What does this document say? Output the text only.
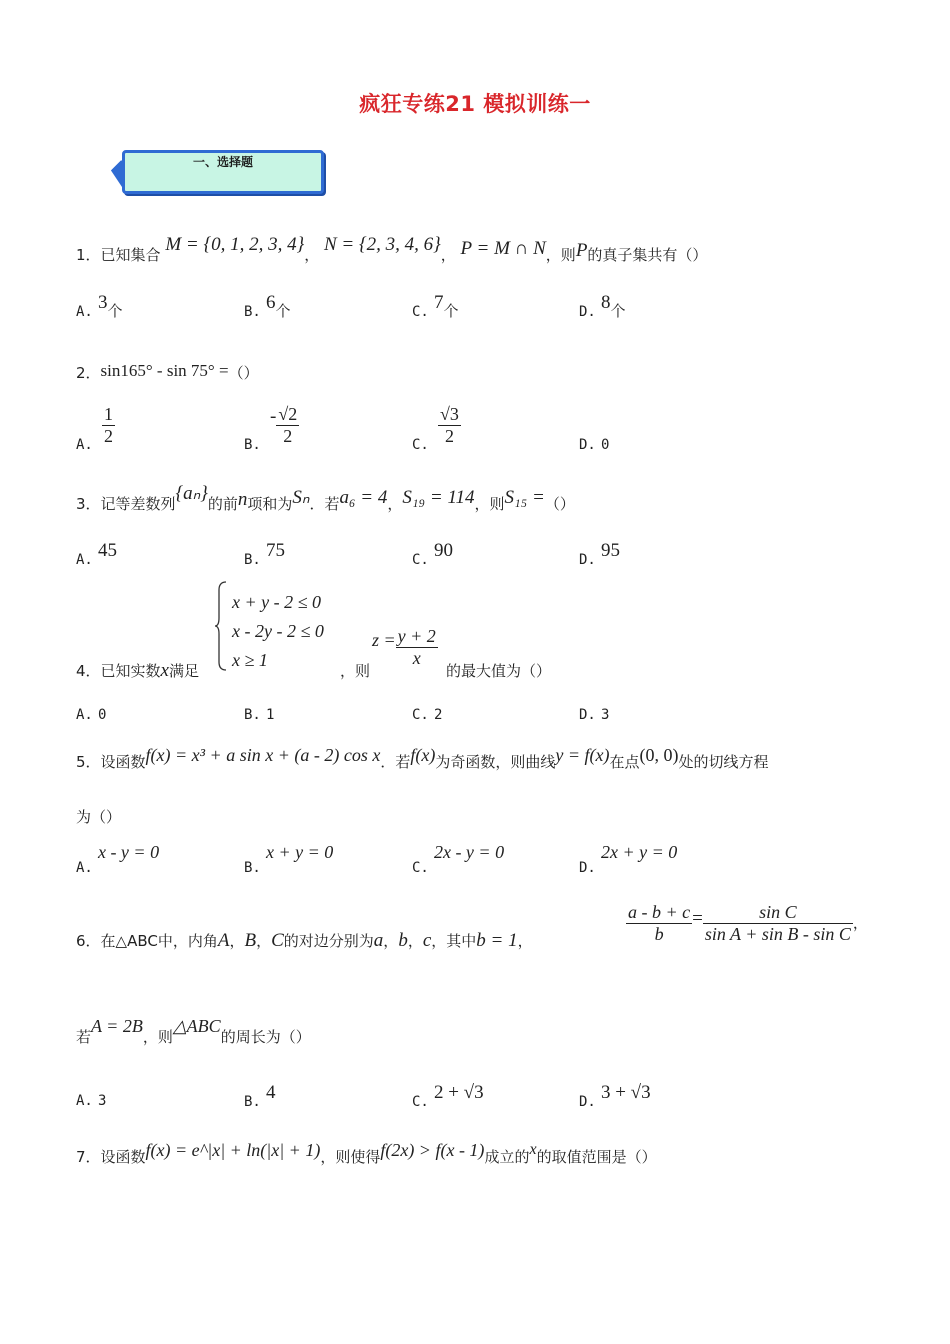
疯狂专练21 模拟训练一
一、选择题
1．已知集合 M = {0, 1, 2, 3, 4}， N = {2, 3, 4, 6}， P = M ∩ N，则P的真子集共有（）
A. 3个	B. 6个	C. 7个	D. 8个
2．sin165° - sin 75° =（）
A. $\frac{1}{2}$	B.
- $\frac{√2}{2}$	C. $\frac{√3}{2}$	D. 0
3．记等差数列{aₙ}的前n项和为Sₙ．若a₆ = 4，S₁₉ = 114，则S₁₅ =（）
A. 45	B. 75	C. 90	D. 95
x + y - 2 ≤ 0
x - 2y - 2 ≤ 0
x ≥ 1
4．已知实数x满足	，则
$z = \frac{y + 2}{x}$
的最大值为（）
A. 0	B. 1	C. 2	D. 3
5．设函数f(x) = x³ + a sin x + (a - 2) cos x．若f(x)为奇函数，则曲线y = f(x)在点(0, 0)处的切线方程
为（）
A. x - y = 0
B. x + y = 0
C. 2x - y = 0
D. 2x + y = 0
6．在△ABC中，内角A，B，C的对边分别为a，b，c，其中b = 1，	$\frac{a - b + c}{b} = \frac{\text{sin C}}{\text{sin A + sin B - sin C}}$ ，
若A = 2B，则△ABC的周长为（）
A. 3	B. 4	C. 2 + √3	D. 3 + √3
7．设函数f(x) = e^|x| + ln(|x| + 1)，则使得f(2x) > f(x - 1)成立的x的取值范围是（）
